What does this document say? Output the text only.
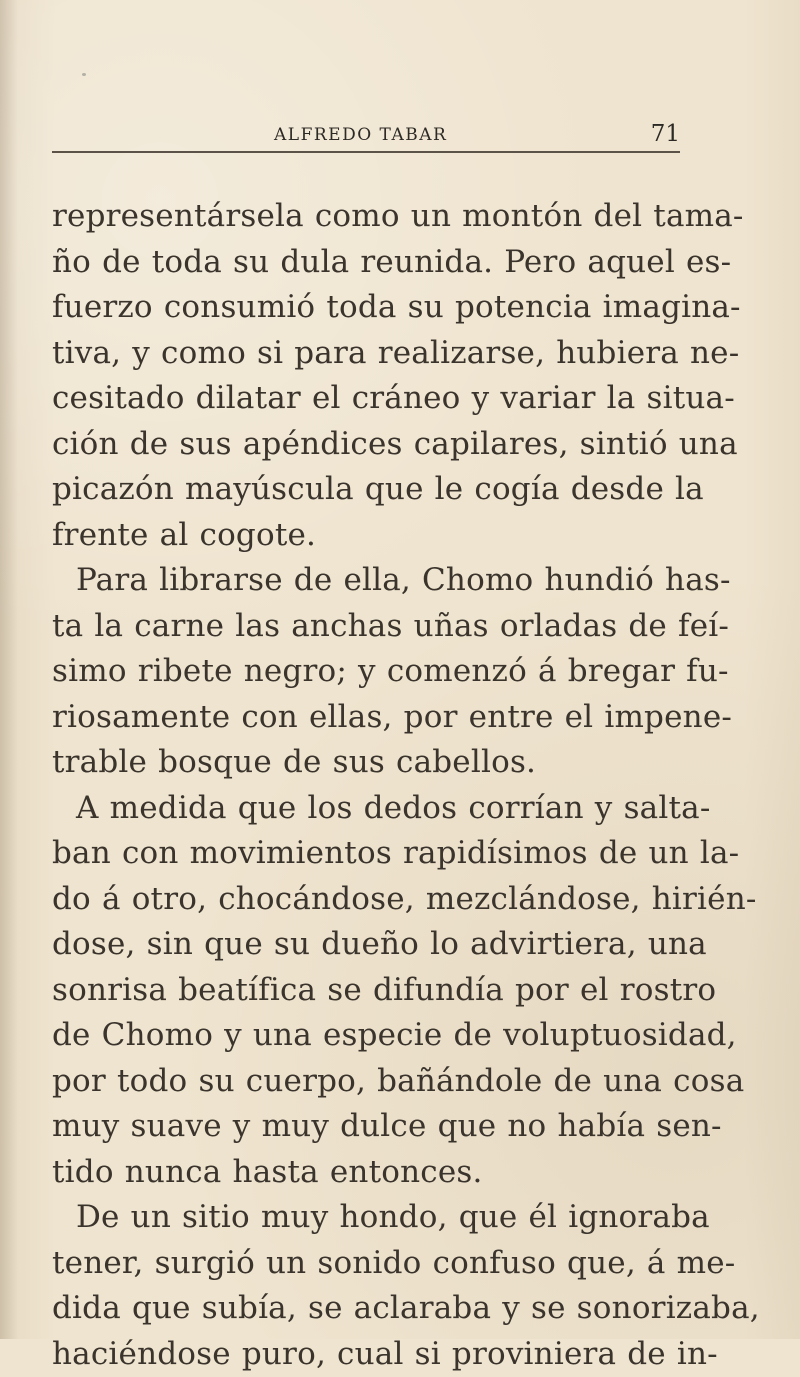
ALFREDO TABAR	71
representársela como un montón del tama-
ño de toda su dula reunida. Pero aquel es-
fuerzo consumió toda su potencia imagina-
tiva, y como si para realizarse, hubiera ne-
cesitado dilatar el cráneo y variar la situa-
ción de sus apéndices capilares, sintió una
picazón mayúscula que le cogía desde la
frente al cogote.
Para librarse de ella, Chomo hundió has-
ta la carne las anchas uñas orladas de feí-
simo ribete negro; y comenzó á bregar fu-
riosamente con ellas, por entre el impene-
trable bosque de sus cabellos.
A medida que los dedos corrían y salta-
ban con movimientos rapidísimos de un la-
do á otro, chocándose, mezclándose, hirién-
dose, sin que su dueño lo advirtiera, una
sonrisa beatífica se difundía por el rostro
de Chomo y una especie de voluptuosidad,
por todo su cuerpo, bañándole de una cosa
muy suave y muy dulce que no había sen-
tido nunca hasta entonces.
De un sitio muy hondo, que él ignoraba
tener, surgió un sonido confuso que, á me-
dida que subía, se aclaraba y se sonorizaba,
haciéndose puro, cual si proviniera de in-
